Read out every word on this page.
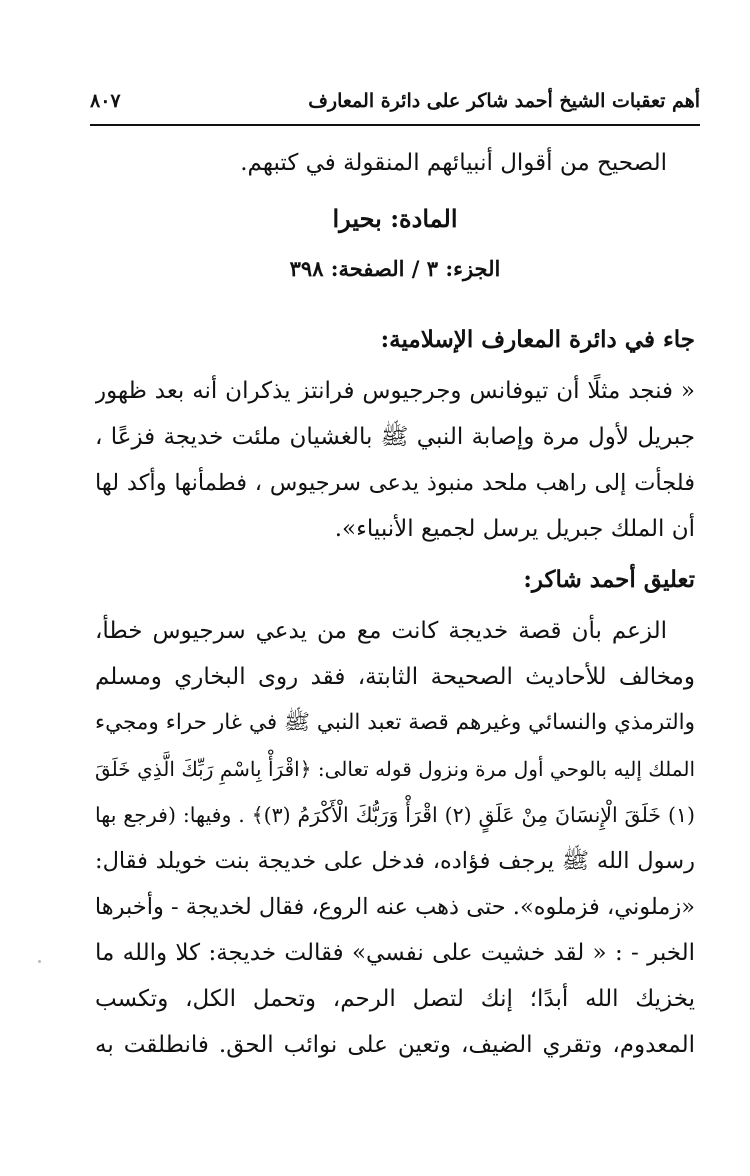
أهم تعقبات الشيخ أحمد شاكر على دائرة المعارف
٨٠٧
الصحيح من أقوال أنبيائهم المنقولة في كتبهم.
المادة: بحيرا
الجزء: ٣ / الصفحة: ٣٩٨
جاء في دائرة المعارف الإسلامية:
« فنجد مثلًا أن تيوفانس وجرجيوس فرانتز يذكران أنه بعد ظهور
جبريل لأول مرة وإصابة النبي ﷺ بالغشيان ملئت خديجة فزعًا ،
فلجأت إلى راهب ملحد منبوذ يدعى سرجيوس ، فطمأنها وأكد لها
أن الملك جبريل يرسل لجميع الأنبياء».
تعليق أحمد شاكر:
الزعم بأن قصة خديجة كانت مع من يدعي سرجيوس خطأ،
ومخالف للأحاديث الصحيحة الثابتة، فقد روى البخاري ومسلم
والترمذي والنسائي وغيرهم قصة تعبد النبي ﷺ في غار حراء ومجيء
الملك إليه بالوحي أول مرة ونزول قوله تعالى: ﴿اقْرَأْ بِاسْمِ رَبِّكَ الَّذِي خَلَقَ
(١) خَلَقَ الْإِنسَانَ مِنْ عَلَقٍ (٢) اقْرَأْ وَرَبُّكَ الْأَكْرَمُ (٣)﴾ . وفيها: (فرجع بها
رسول الله ﷺ يرجف فؤاده، فدخل على خديجة بنت خويلد فقال:
«زملوني، فزملوه». حتى ذهب عنه الروع، فقال لخديجة - وأخبرها
الخبر - : « لقد خشيت على نفسي» فقالت خديجة: كلا والله ما
يخزيك الله أبدًا؛ إنك لتصل الرحم، وتحمل الكل، وتكسب
المعدوم، وتقري الضيف، وتعين على نوائب الحق. فانطلقت به
